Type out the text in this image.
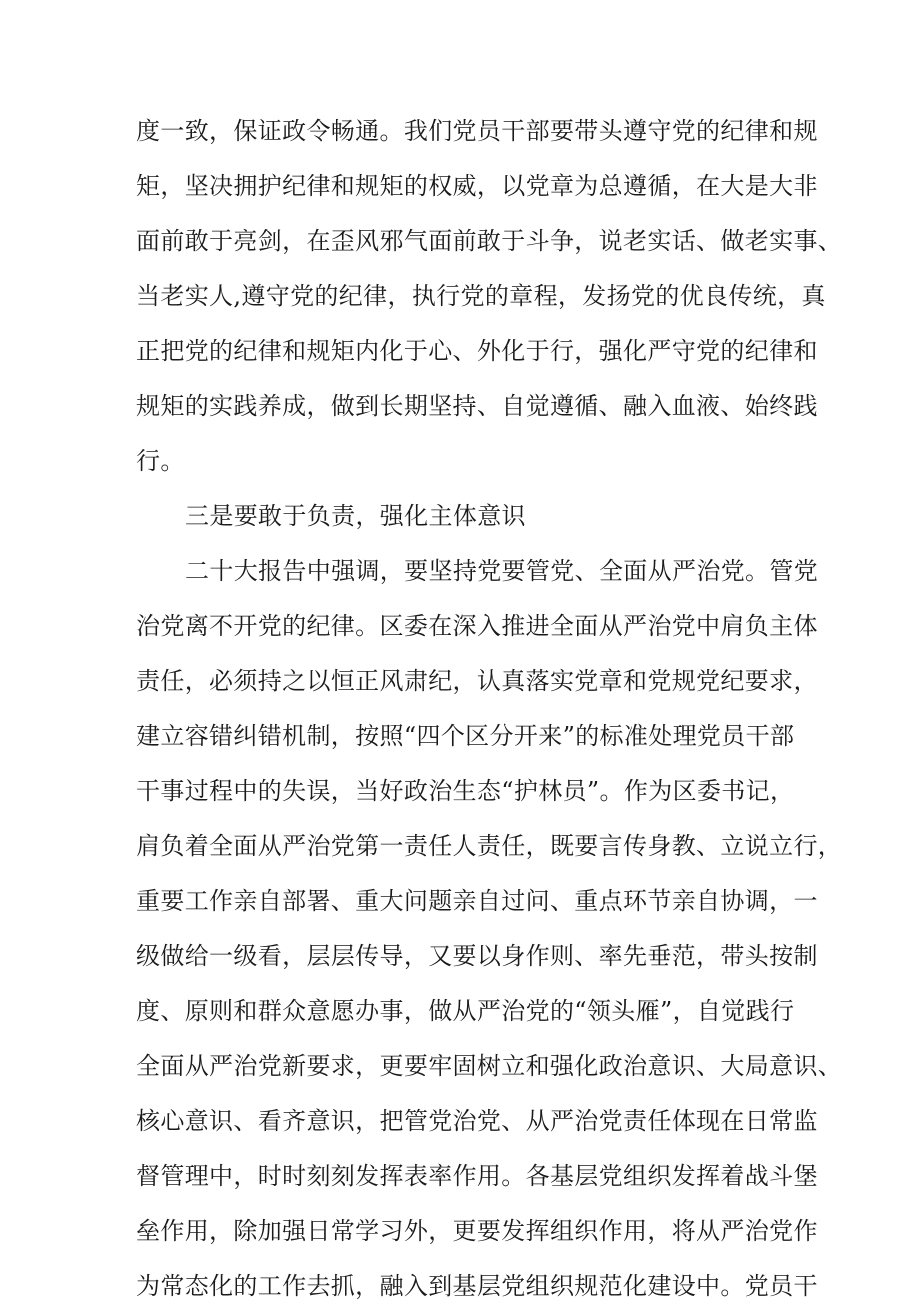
度一致，保证政令畅通。我们党员干部要带头遵守党的纪律和规
矩，坚决拥护纪律和规矩的权威，以党章为总遵循，在大是大非
面前敢于亮剑，在歪风邪气面前敢于斗争，说老实话、做老实事、
当老实人,遵守党的纪律，执行党的章程，发扬党的优良传统，真
正把党的纪律和规矩内化于心、外化于行，强化严守党的纪律和
规矩的实践养成，做到长期坚持、自觉遵循、融入血液、始终践
行。
三是要敢于负责，强化主体意识
二十大报告中强调，要坚持党要管党、全面从严治党。管党
治党离不开党的纪律。区委在深入推进全面从严治党中肩负主体
责任，必须持之以恒正风肃纪，认真落实党章和党规党纪要求，
建立容错纠错机制，按照“四个区分开来”的标准处理党员干部
干事过程中的失误，当好政治生态“护林员”。作为区委书记，
肩负着全面从严治党第一责任人责任，既要言传身教、立说立行，
重要工作亲自部署、重大问题亲自过问、重点环节亲自协调，一
级做给一级看，层层传导，又要以身作则、率先垂范，带头按制
度、原则和群众意愿办事，做从严治党的“领头雁”，自觉践行
全面从严治党新要求，更要牢固树立和强化政治意识、大局意识、
核心意识、看齐意识，把管党治党、从严治党责任体现在日常监
督管理中，时时刻刻发挥表率作用。各基层党组织发挥着战斗堡
垒作用，除加强日常学习外，更要发挥组织作用，将从严治党作
为常态化的工作去抓，融入到基层党组织规范化建设中。党员干
